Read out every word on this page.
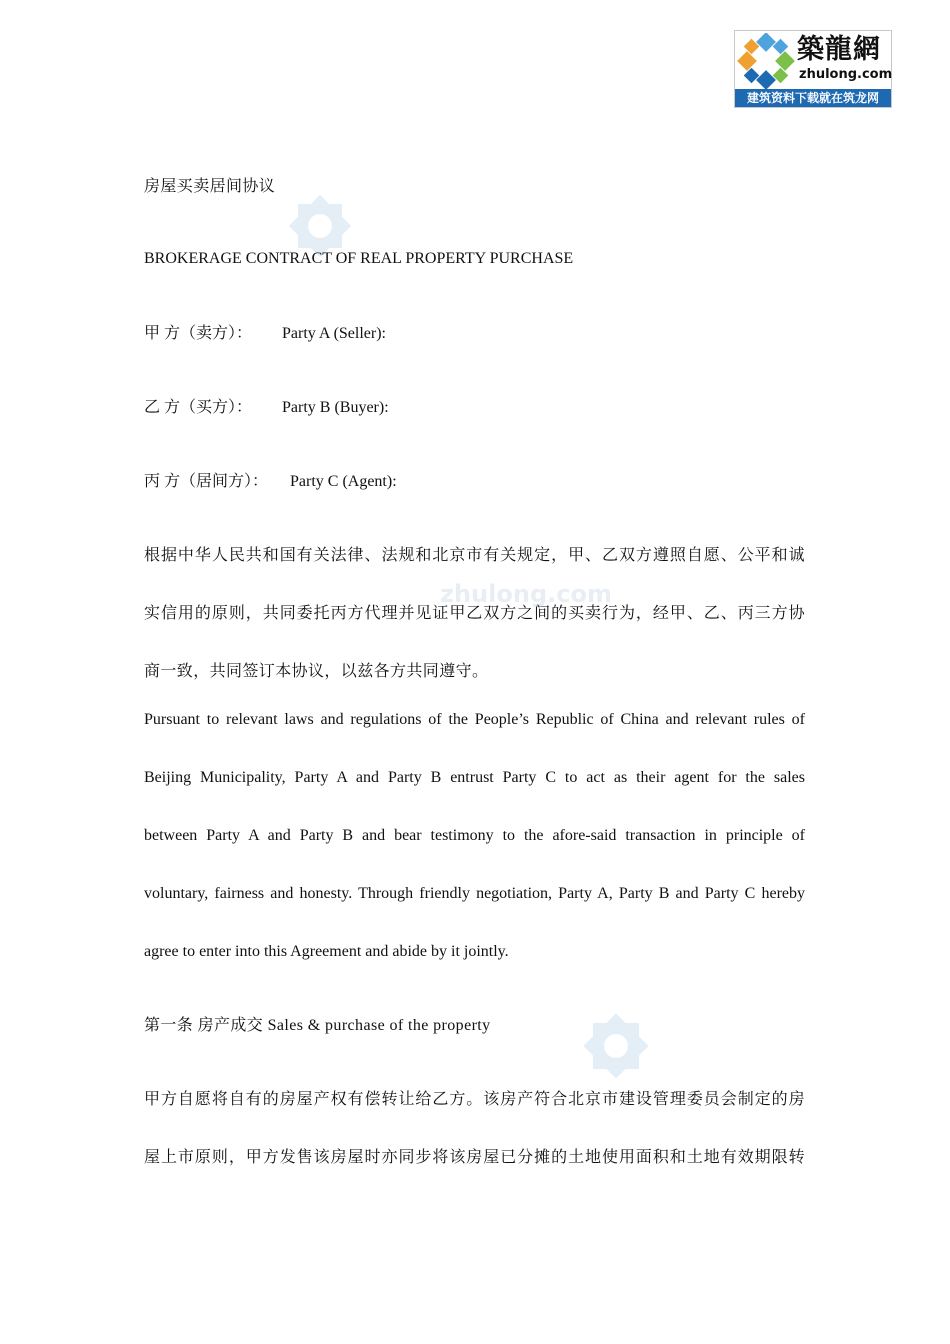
築龍網
zhulong.com
建筑资料下载就在筑龙网
zhulong.com
房屋买卖居间协议
BROKERAGE CONTRACT OF REAL PROPERTY PURCHASE
甲 方（卖方）： Party A (Seller):
乙 方（买方）： Party B (Buyer):
丙 方（居间方）： Party C (Agent):
根据中华人民共和国有关法律、法规和北京市有关规定，甲、乙双方遵照自愿、公平和诚
实信用的原则，共同委托丙方代理并见证甲乙双方之间的买卖行为，经甲、乙、丙三方协
商一致，共同签订本协议，以兹各方共同遵守。
Pursuant to relevant laws and regulations of the People’s Republic of China and relevant rules of
Beijing Municipality, Party A and Party B entrust Party C to act as their agent for the sales
between Party A and Party B and bear testimony to the afore-said transaction in principle of
voluntary, fairness and honesty. Through friendly negotiation, Party A, Party B and Party C hereby
agree to enter into this Agreement and abide by it jointly.
第一条 房产成交 Sales & purchase of the property
甲方自愿将自有的房屋产权有偿转让给乙方。该房产符合北京市建设管理委员会制定的房
屋上市原则，甲方发售该房屋时亦同步将该房屋已分摊的土地使用面积和土地有效期限转
